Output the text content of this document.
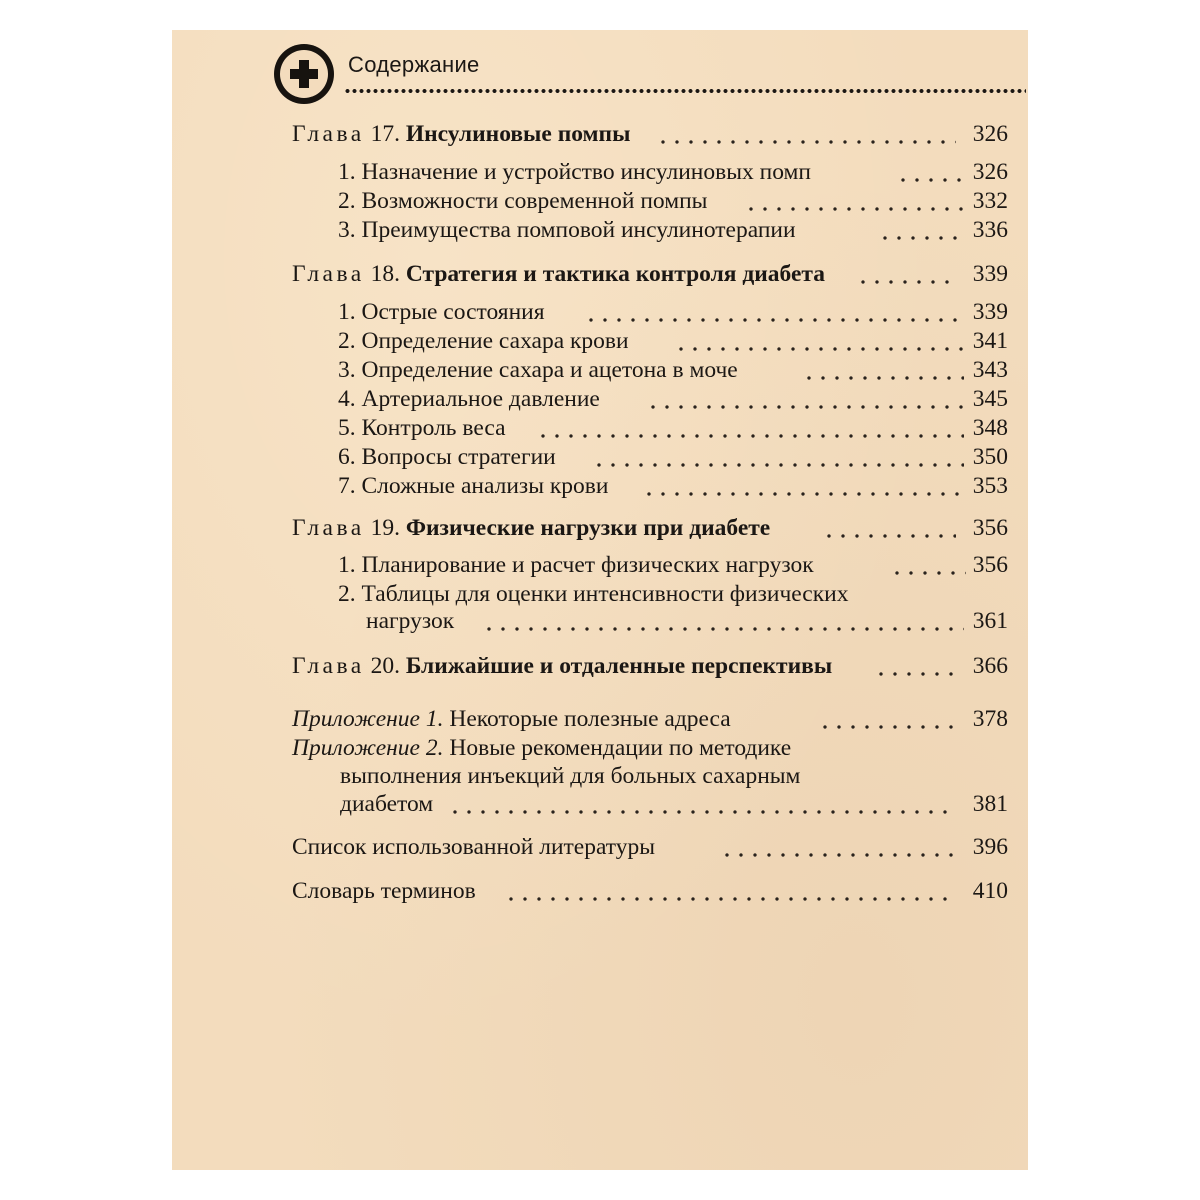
Содержание
Глава 17. Инсулиновые помпы	326
1. Назначение и устройство инсулиновых помп	326
2. Возможности современной помпы	332
3. Преимущества помповой инсулинотерапии	336
Глава 18. Стратегия и тактика контроля диабета	339
1. Острые состояния	339
2. Определение сахара крови	341
3. Определение сахара и ацетона в моче	343
4. Артериальное давление	345
5. Контроль веса	348
6. Вопросы стратегии	350
7. Сложные анализы крови	353
Глава 19. Физические нагрузки при диабете	356
1. Планирование и расчет физических нагрузок	356
2. Таблицы для оценки интенсивности физических
нагрузок	361
Глава 20. Ближайшие и отдаленные перспективы	366
Приложение 1. Некоторые полезные адреса	378
Приложение 2. Новые рекомендации по методике
выполнения инъекций для больных сахарным
диабетом	381
Список использованной литературы	396
Словарь терминов	410
